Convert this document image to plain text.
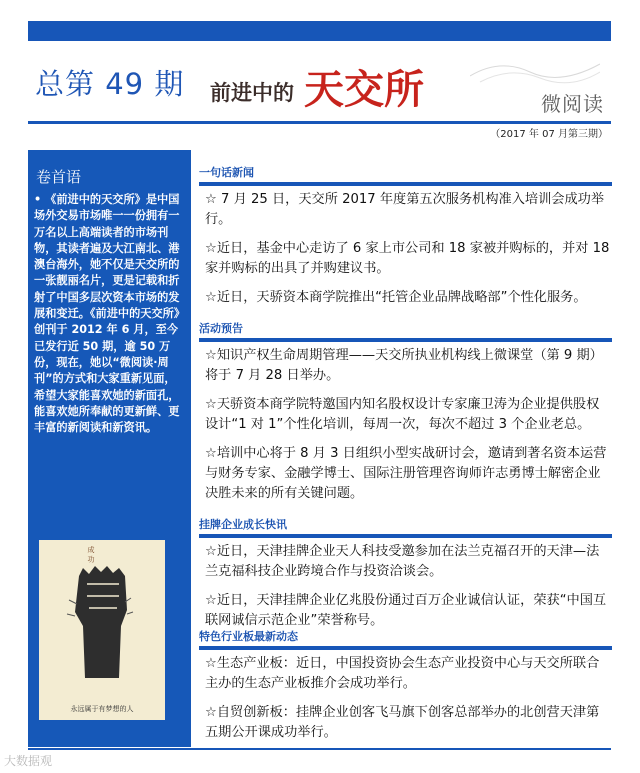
总第 49 期 前进中的 天交所	微阅读
（2017 年 07 月第三期）
卷首语
• 《前进中的天交所》是中国场外交易市场唯一一份拥有一万名以上高端读者的市场刊物，其读者遍及大江南北、港澳台海外，她不仅是天交所的一张靓丽名片，更是记载和折射了中国多层次资本市场的发展和变迁。《前进中的天交所》创刊于 2012 年 6 月，至今已发行近 50 期，逾 50 万份，现在，她以“微阅读·周刊”的方式和大家重新见面，希望大家能喜欢她的新面孔，能喜欢她所奉献的更新鲜、更丰富的新阅读和新资讯。
成 功
永远属于有梦想的人
一句话新闻

☆ 7 月 25 日，天交所 2017 年度第五次服务机构准入培训会成功举行。

☆近日，基金中心走访了 6 家上市公司和 18 家被并购标的，并对 18 家并购标的出具了并购建议书。

☆近日，天骄资本商学院推出“托管企业品牌战略部”个性化服务。

活动预告

☆知识产权生命周期管理——天交所执业机构线上微课堂（第 9 期）将于 7 月 28 日举办。

☆天骄资本商学院特邀国内知名股权设计专家廉卫涛为企业提供股权设计“1 对 1”个性化培训，每周一次，每次不超过 3 个企业老总。

☆培训中心将于 8 月 3 日组织小型实战研讨会，邀请到著名资本运营与财务专家、金融学博士、国际注册管理咨询师许志勇博士解密企业决胜未来的所有关键问题。

挂牌企业成长快讯

☆近日，天津挂牌企业天人科技受邀参加在法兰克福召开的天津—法兰克福科技企业跨境合作与投资洽谈会。

☆近日，天津挂牌企业亿兆股份通过百万企业诚信认证，荣获“中国互联网诚信示范企业”荣誉称号。

特色行业板最新动态

☆生态产业板：近日，中国投资协会生态产业投资中心与天交所联合主办的生态产业板推介会成功举行。

☆自贸创新板：挂牌企业创客飞马旗下创客总部举办的北创营天津第五期公开课成功举行。

大数据观
